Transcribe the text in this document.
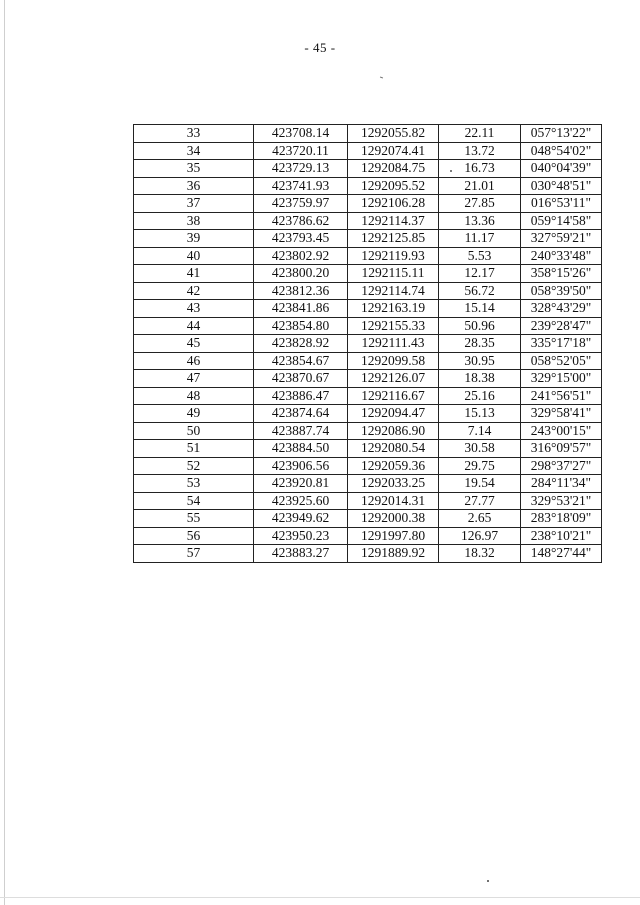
- 45 -
33	423708.14	1292055.82	22.11	057°13'22"
34	423720.11	1292074.41	13.72	048°54'02"
35	423729.13	1292084.75	16.73	040°04'39"
36	423741.93	1292095.52	21.01	030°48'51"
37	423759.97	1292106.28	27.85	016°53'11"
38	423786.62	1292114.37	13.36	059°14'58"
39	423793.45	1292125.85	11.17	327°59'21"
40	423802.92	1292119.93	5.53	240°33'48"
41	423800.20	1292115.11	12.17	358°15'26"
42	423812.36	1292114.74	56.72	058°39'50"
43	423841.86	1292163.19	15.14	328°43'29"
44	423854.80	1292155.33	50.96	239°28'47"
45	423828.92	1292111.43	28.35	335°17'18"
46	423854.67	1292099.58	30.95	058°52'05"
47	423870.67	1292126.07	18.38	329°15'00"
48	423886.47	1292116.67	25.16	241°56'51"
49	423874.64	1292094.47	15.13	329°58'41"
50	423887.74	1292086.90	7.14	243°00'15"
51	423884.50	1292080.54	30.58	316°09'57"
52	423906.56	1292059.36	29.75	298°37'27"
53	423920.81	1292033.25	19.54	284°11'34"
54	423925.60	1292014.31	27.77	329°53'21"
55	423949.62	1292000.38	2.65	283°18'09"
56	423950.23	1291997.80	126.97	238°10'21"
57	423883.27	1291889.92	18.32	148°27'44"
